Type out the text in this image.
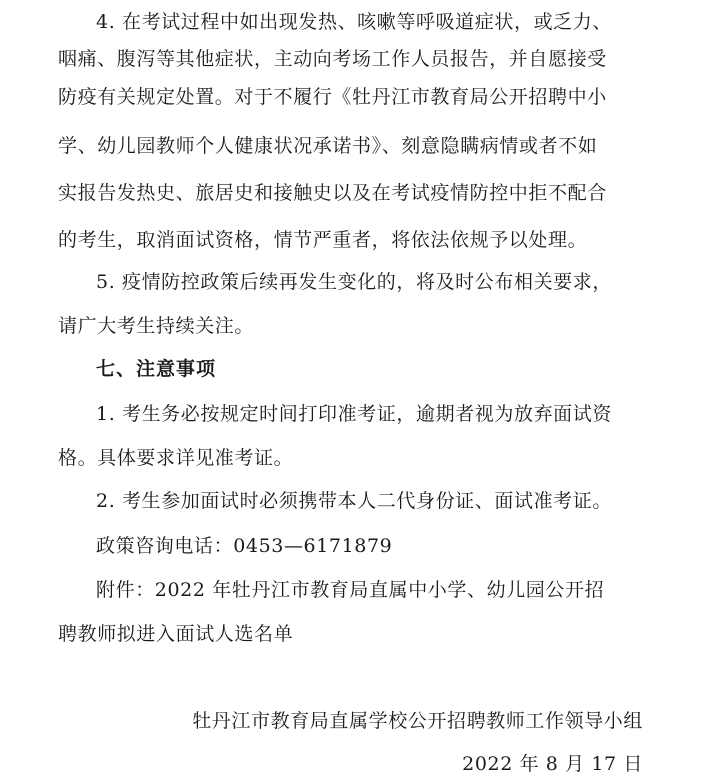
4. 在考试过程中如出现发热、咳嗽等呼吸道症状，或乏力、
咽痛、腹泻等其他症状，主动向考场工作人员报告，并自愿接受
防疫有关规定处置。对于不履行《牡丹江市教育局公开招聘中小
学、幼儿园教师个人健康状况承诺书》、刻意隐瞒病情或者不如
实报告发热史、旅居史和接触史以及在考试疫情防控中拒不配合
的考生，取消面试资格，情节严重者，将依法依规予以处理。
5. 疫情防控政策后续再发生变化的，将及时公布相关要求，
请广大考生持续关注。
七、注意事项
1. 考生务必按规定时间打印准考证，逾期者视为放弃面试资
格。具体要求详见准考证。
2. 考生参加面试时必须携带本人二代身份证、面试准考证。
政策咨询电话：0453—6171879
附件：2022 年牡丹江市教育局直属中小学、幼儿园公开招
聘教师拟进入面试人选名单
牡丹江市教育局直属学校公开招聘教师工作领导小组
2022 年 8 月 17 日
